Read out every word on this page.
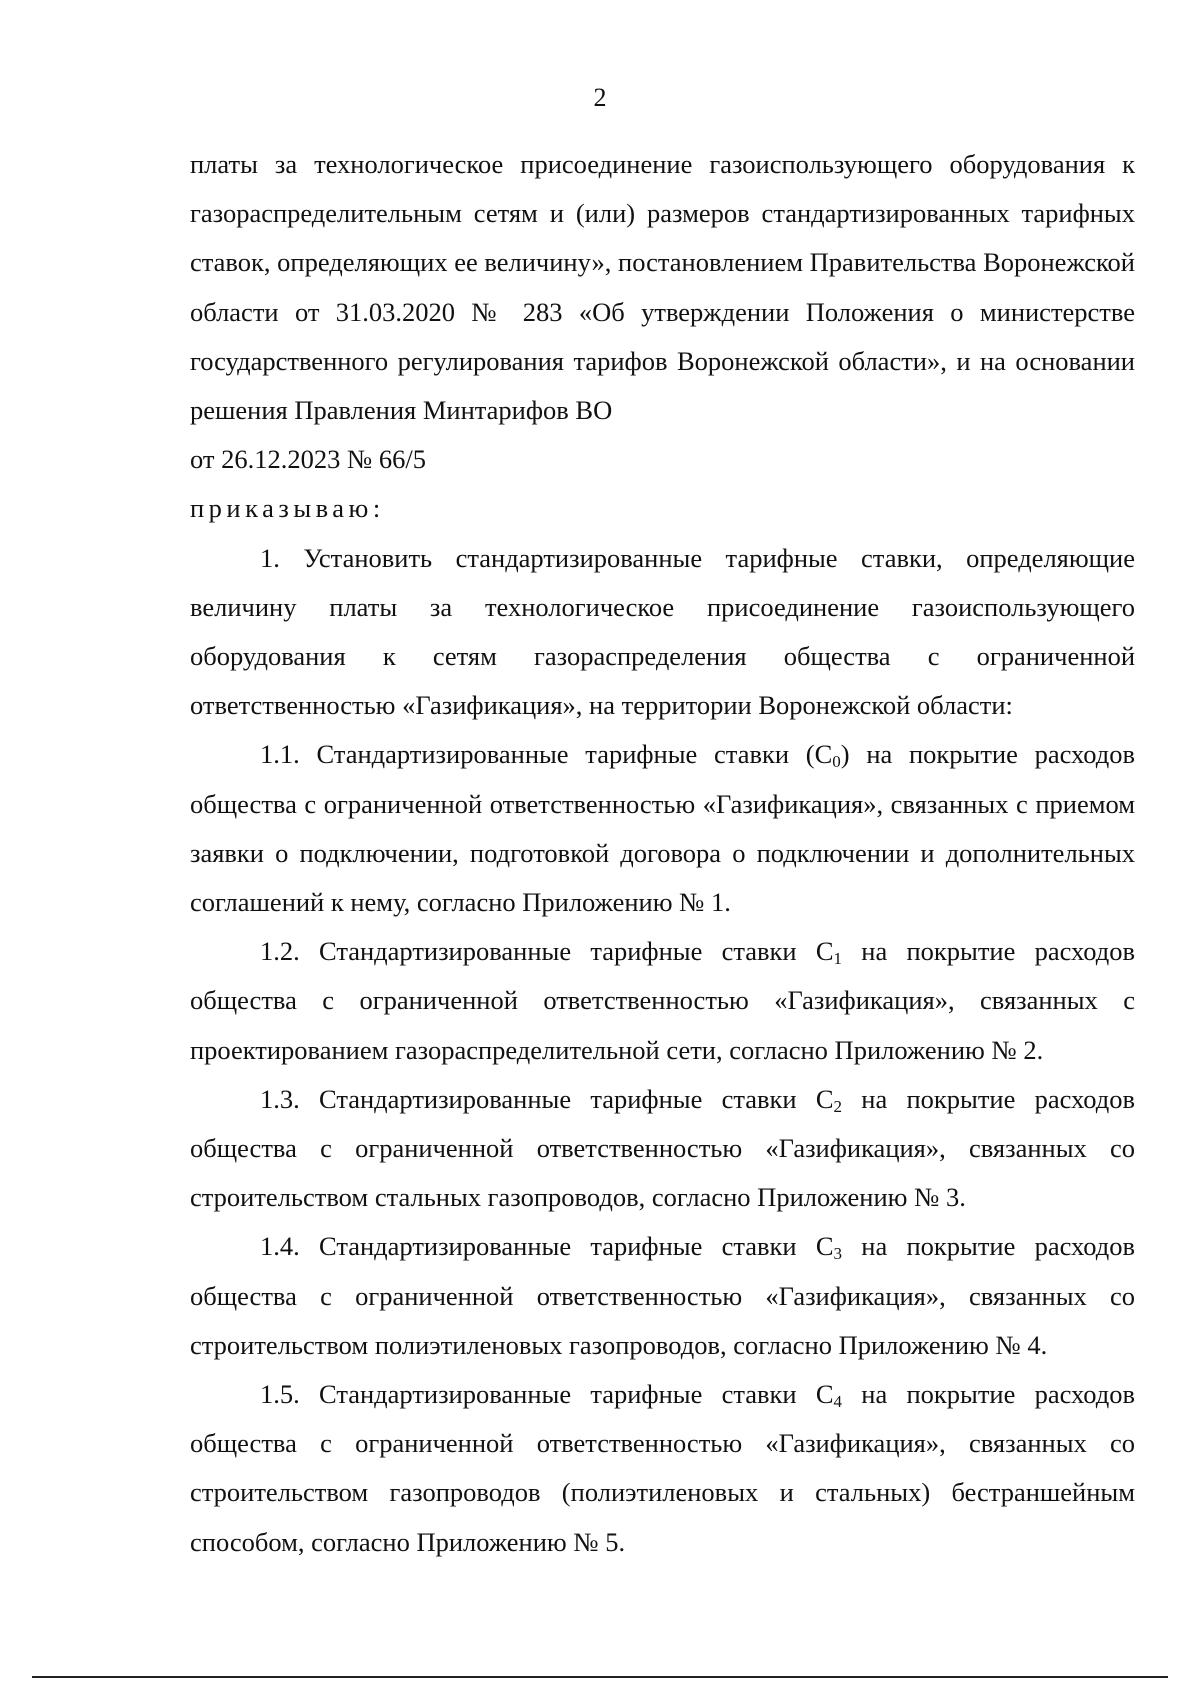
2

платы за технологическое присоединение газоиспользующего оборудования к газораспределительным сетям и (или) размеров стандартизированных тарифных ставок, определяющих ее величину», постановлением Правительства Воронежской области от 31.03.2020 № 283 «Об утверждении Положения о министерстве государственного регулирования тарифов Воронежской области», и на основании решения Правления Минтарифов ВО

от 26.12.2023 № 66/5

приказываю:

1. Установить стандартизированные тарифные ставки, определяющие величину платы за технологическое присоединение газоиспользующего оборудования к сетям газораспределения общества с ограниченной ответственностью «Газификация», на территории Воронежской области:

1.1. Стандартизированные тарифные ставки $(С_0)$ на покрытие расходов общества с ограниченной ответственностью «Газификация», связанных с приемом заявки о подключении, подготовкой договора о подключении и дополнительных соглашений к нему, согласно Приложению № 1.

1.2. Стандартизированные тарифные ставки $С_1$ на покрытие расходов общества с ограниченной ответственностью «Газификация», связанных с проектированием газораспределительной сети, согласно Приложению № 2.

1.3. Стандартизированные тарифные ставки $С_2$ на покрытие расходов общества с ограниченной ответственностью «Газификация», связанных со строительством стальных газопроводов, согласно Приложению № 3.

1.4. Стандартизированные тарифные ставки $С_3$ на покрытие расходов общества с ограниченной ответственностью «Газификация», связанных со строительством полиэтиленовых газопроводов, согласно Приложению № 4.

1.5. Стандартизированные тарифные ставки $С_4$ на покрытие расходов общества с ограниченной ответственностью «Газификация», связанных со строительством газопроводов (полиэтиленовых и стальных) бестраншейным способом, согласно Приложению № 5.
